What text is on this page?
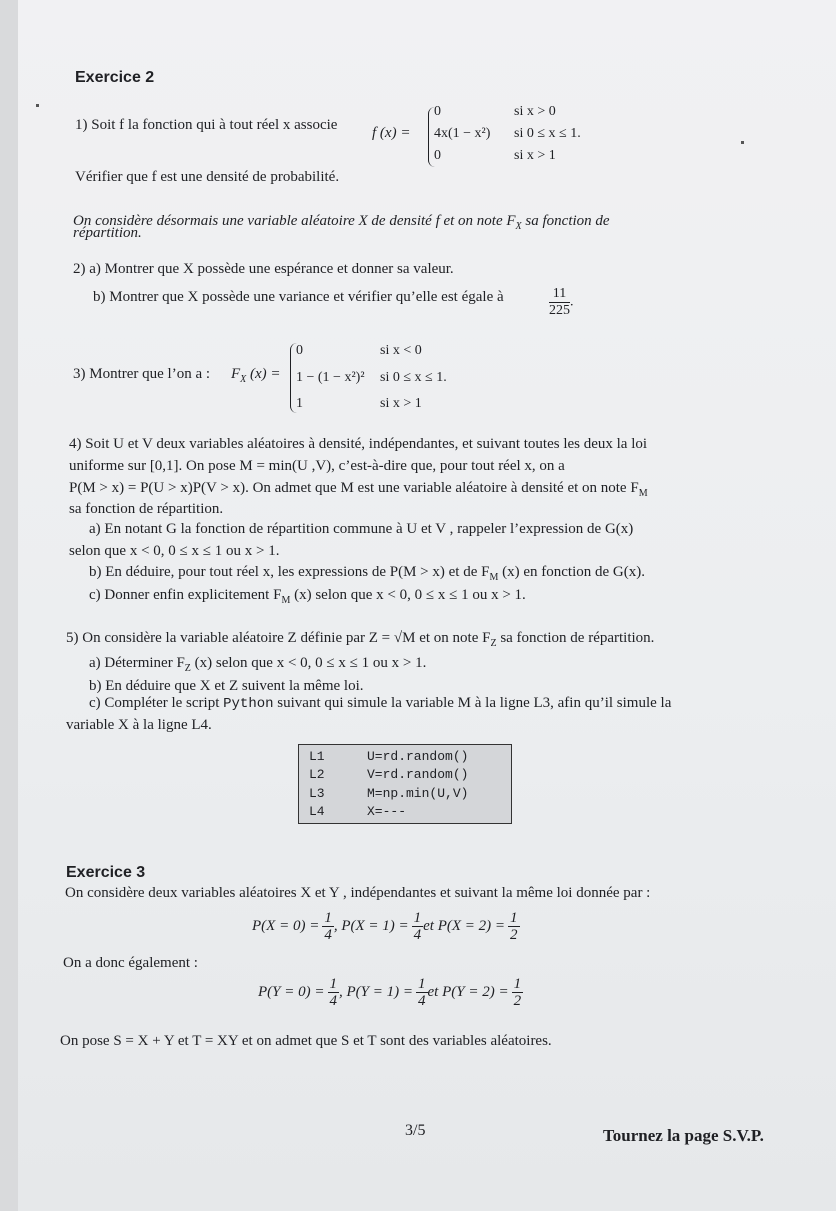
Exercice 2
1) Soit f la fonction qui à tout réel x associe f (x) =
0	si x > 0
4x(1 − x²) si 0 ≤ x ≤ 1.
0	si x > 1
Vérifier que f est une densité de probabilité.
On considère désormais une variable aléatoire X de densité f et on note $F_X$ sa fonction de
répartition.
2) a) Montrer que X possède une espérance et donner sa valeur.
b) Montrer que X possède une variance et vérifier qu’elle est égale à	$\frac{11}{225}$ .
3) Montrer que l’on a : $F_X$ (x) =
0	si x < 0
1 − (1 − x²)² si 0 ≤ x ≤ 1.
1	si x > 1
4) Soit U et V deux variables aléatoires à densité, indépendantes, et suivant toutes les deux la loi
uniforme sur [0,1]. On pose M = min(U ,V), c’est-à-dire que, pour tout réel x, on a
P(M > x) = P(U > x)P(V > x). On admet que M est une variable aléatoire à densité et on note $F_M$
sa fonction de répartition.
a) En notant G la fonction de répartition commune à U et V , rappeler l’expression de G(x)
selon que x < 0, 0 ≤ x ≤ 1 ou x > 1.
b) En déduire, pour tout réel x, les expressions de P(M > x) et de $F_M$ (x) en fonction de G(x).
c) Donner enfin explicitement $F_M$ (x) selon que x < 0, 0 ≤ x ≤ 1 ou x > 1.
5) On considère la variable aléatoire Z définie par Z = √M et on note $F_Z$ sa fonction de répartition.
a) Déterminer $F_Z$ (x) selon que x < 0, 0 ≤ x ≤ 1 ou x > 1.
b) En déduire que X et Z suivent la même loi.
c) Compléter le script Python suivant qui simule la variable M à la ligne L3, afin qu’il simule la
variable X à la ligne L4.
L1	U=rd.random()
L2	V=rd.random()
L3	M=np.min(U,V)
L4	X=---
Exercice 3
On considère deux variables aléatoires X et Y , indépendantes et suivant la même loi donnée par :
$P(X = 0) = \frac{1}{4}$ , $P(X = 1) = \frac{1}{4}$ et $P(X = 2) = \frac{1}{2}$
On a donc également :
$P(Y = 0) = \frac{1}{4}$ , $P(Y = 1) = \frac{1}{4}$ et $P(Y = 2) = \frac{1}{2}$
On pose S = X + Y et T = XY et on admet que S et T sont des variables aléatoires.
3/5	Tournez la page S.V.P.
